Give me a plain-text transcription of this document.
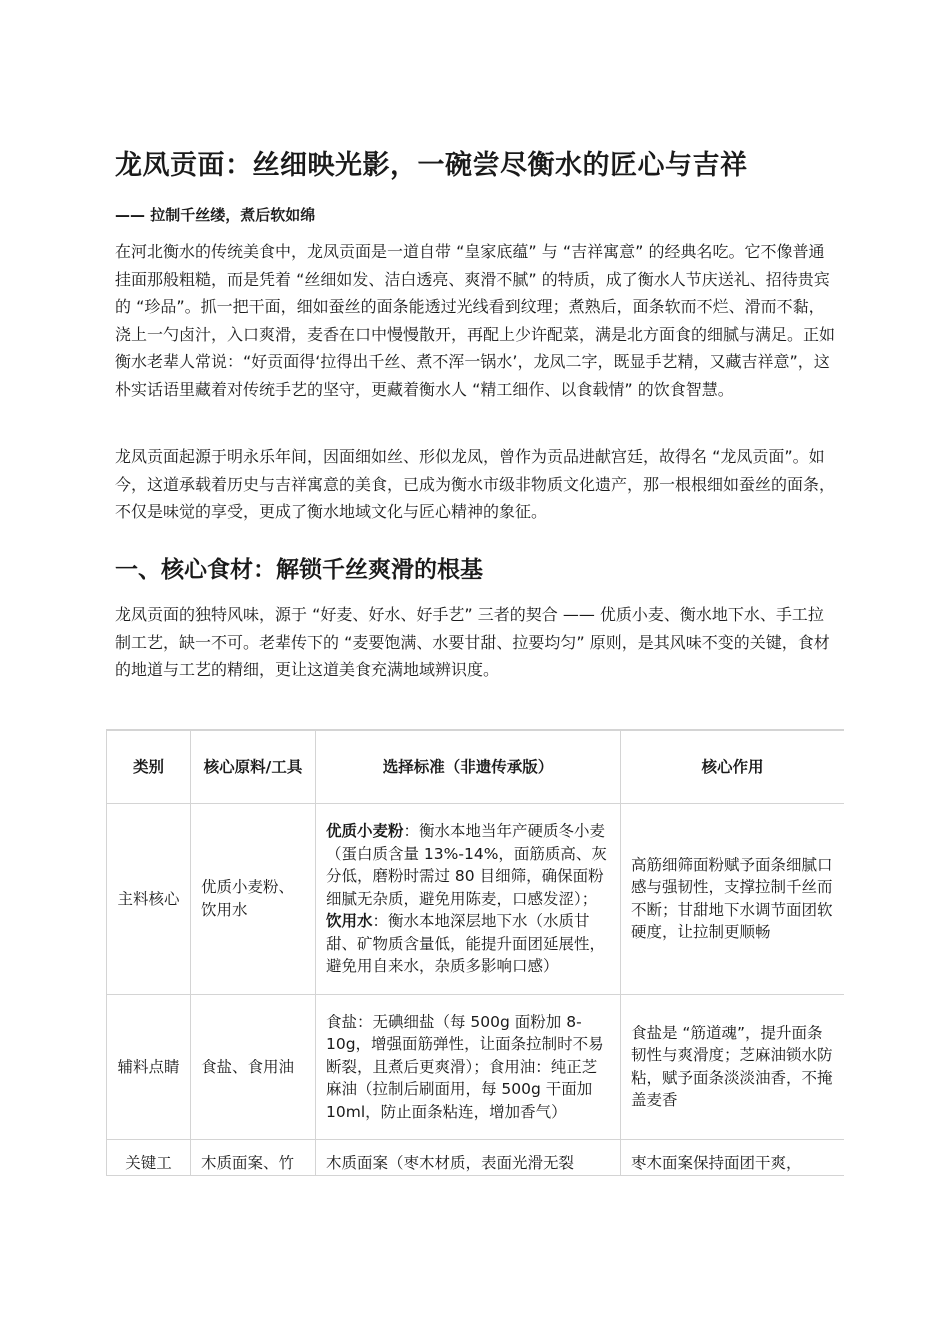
龙凤贡面：丝细映光影，一碗尝尽衡水的匠心与吉祥

—— 拉制千丝缕，煮后软如绵

在河北衡水的传统美食中，龙凤贡面是一道自带 “皇家底蕴” 与 “吉祥寓意” 的经典名吃。它不像普通挂面那般粗糙，而是凭着 “丝细如发、洁白透亮、爽滑不腻” 的特质，成了衡水人节庆送礼、招待贵宾的 “珍品”。抓一把干面，细如蚕丝的面条能透过光线看到纹理；煮熟后，面条软而不烂、滑而不黏，浇上一勺卤汁，入口爽滑，麦香在口中慢慢散开，再配上少许配菜，满是北方面食的细腻与满足。正如衡水老辈人常说：“好贡面得‘拉得出千丝、煮不浑一锅水’，龙凤二字，既显手艺精，又藏吉祥意”，这朴实话语里藏着对传统手艺的坚守，更藏着衡水人 “精工细作、以食载情” 的饮食智慧。

龙凤贡面起源于明永乐年间，因面细如丝、形似龙凤，曾作为贡品进献宫廷，故得名 “龙凤贡面”。如今，这道承载着历史与吉祥寓意的美食，已成为衡水市级非物质文化遗产，那一根根细如蚕丝的面条，不仅是味觉的享受，更成了衡水地域文化与匠心精神的象征。

一、核心食材：解锁千丝爽滑的根基

龙凤贡面的独特风味，源于 “好麦、好水、好手艺” 三者的契合 —— 优质小麦、衡水地下水、手工拉制工艺，缺一不可。老辈传下的 “麦要饱满、水要甘甜、拉要均匀” 原则，是其风味不变的关键，食材的地道与工艺的精细，更让这道美食充满地域辨识度。

类别	核心原料/工具	选择标准（非遗传承版）	核心作用
主料核心	优质小麦粉、饮用水	优质小麦粉：衡水本地当年产硬质冬小麦（蛋白质含量 13%-14%，面筋质高、灰分低，磨粉时需过 80 目细筛，确保面粉细腻无杂质，避免用陈麦，口感发涩）；饮用水：衡水本地深层地下水（水质甘甜、矿物质含量低，能提升面团延展性，避免用自来水，杂质多影响口感）	高筋细筛面粉赋予面条细腻口感与强韧性，支撑拉制千丝而不断；甘甜地下水调节面团软硬度，让拉制更顺畅
辅料点睛	食盐、食用油	食盐：无碘细盐（每 500g 面粉加 8-10g，增强面筋弹性，让面条拉制时不易断裂，且煮后更爽滑）；食用油：纯正芝麻油（拉制后刷面用，每 500g 干面加 10ml，防止面条粘连，增加香气）	食盐是 “筋道魂”，提升面条韧性与爽滑度；芝麻油锁水防粘，赋予面条淡淡油香，不掩盖麦香
关键工	木质面案、竹	木质面案（枣木材质，表面光滑无裂	枣木面案保持面团干爽，
